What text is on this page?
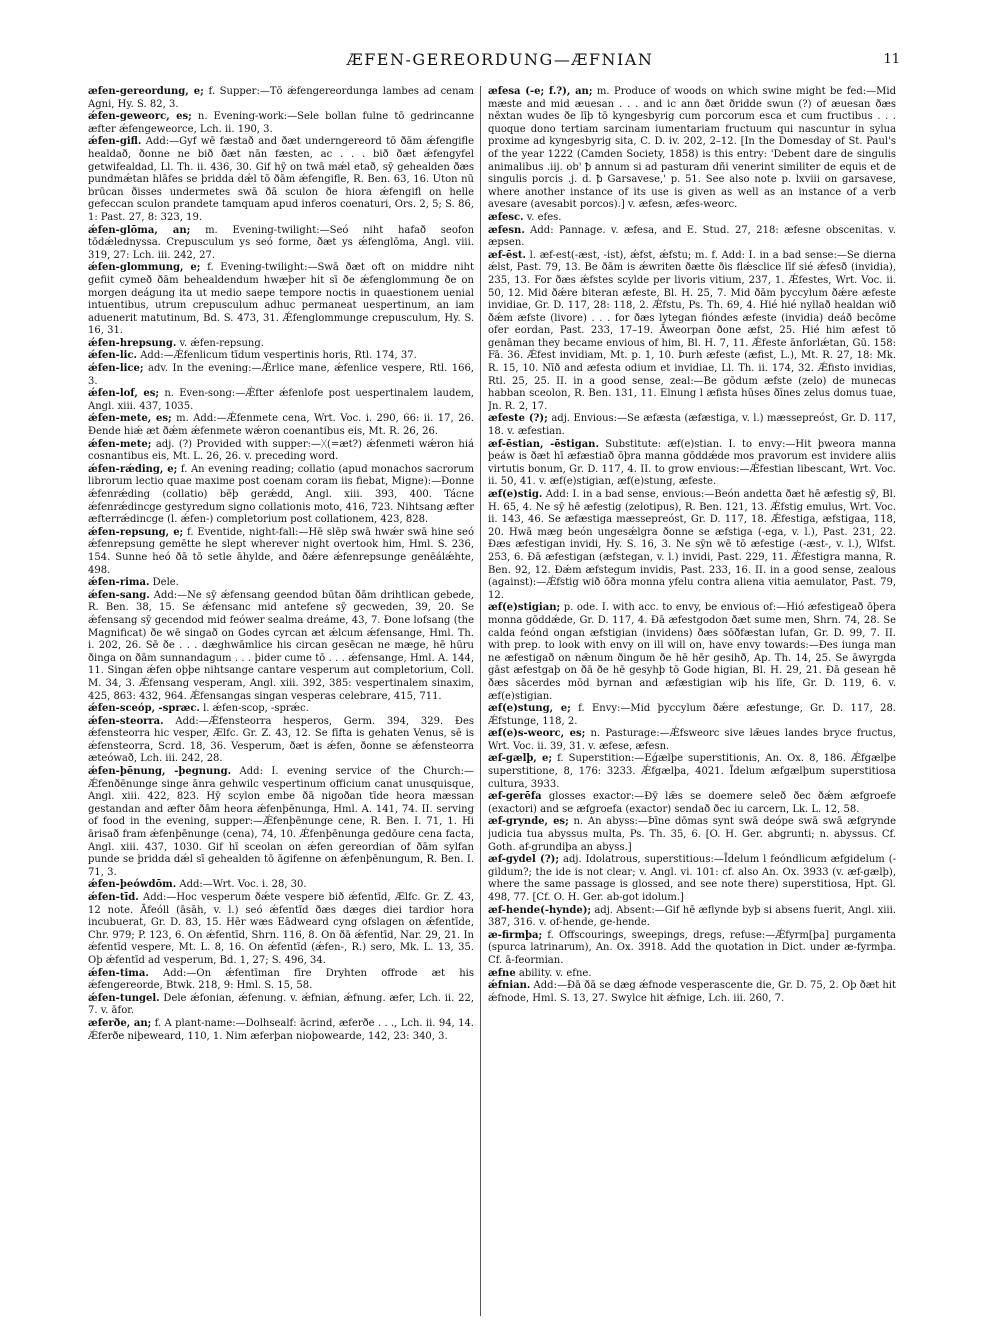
ÆFEN-GEREORDUNG—ÆFNIAN	11
æfen-gereordung, e; f. Supper:—Tō ǽfengereordunga lambes ad cenam Agni, Hy. S. 82, 3.
ǽfen-geweorc, es; n. Evening-work:—Sele bollan fulne tō gedrincanne æfter ǽfengeweorce, Lch. ii. 190, 3.
ǽfen-gifl. Add:—Gyf wē fæstað and ðæt underngereord tō ðām ǽfengifle healdað, ðonne ne bið ðæt nān fæsten, ac . . . bið ðæt ǽfengyfel getwifealdad, Ll. Th. ii. 436, 30. Gif hȳ on twā mǽl etað, sȳ gehealden ðæs pundmǽtan hlāfes se þridda dǽl tō ðām ǽfengifle, R. Ben. 63, 16. Uton nū brūcan ðisses undermetes swā ðā sculon ðe hiora ǽfengifl on helle gefeccan sculon prandete tamquam apud inferos coenaturi, Ors. 2, 5; S. 86, 1: Past. 27, 8: 323, 19.
ǽfen-glōma, an; m. Evening-twilight:—Seó niht hafað seofon tōdǽlednyssa. Crepusculum ys seó forme, ðæt ys ǽfenglōma, Angl. viii. 319, 27: Lch. iii. 242, 27.
ǽfen-glommung, e; f. Evening-twilight:—Swā ðæt oft on middre niht gefiit cymeð ðām behealdendum hwæþer hit sī ðe ǽfenglommung ðe on morgen deágung ita ut medio saepe tempore noctis in quaestionem uenial intuentibus, utrum crepusculum adhuc permaneat uespertinum, an iam aduenerit matutinum, Bd. S. 473, 31. Ǽfenglommunge crepusculum, Hy. S. 16, 31.
ǽfen-hrepsung. v. ǽfen-repsung.
ǽfen-lic. Add:—Ǽfenlicum tīdum vespertinis horis, Rtl. 174, 37.
ǽfen-lice; adv. In the evening:—Ǽrlice mane, ǽfenlice vespere, Rtl. 166, 3.
ǽfen-lof, es; n. Even-song:—Ǽfter ǽfenlofe post uespertinalem laudem, Angl. xiii. 437, 1035.
ǽfen-mete, es; m. Add:—Ǽfenmete cena, Wrt. Voc. i. 290, 66: ii. 17, 26. Ðende hiǽ æt ðǽm ǽfenmete wǽron coenantibus eis, Mt. R. 26, 26.
ǽfen-mete; adj. (?) Provided with supper:—ᚷ(=æt?) ǽfenmeti wǽron hiá cosnantibus eis, Mt. L. 26, 26. v. preceding word.
ǽfen-rǽding, e; f. An evening reading; collatio (apud monachos sacrorum librorum lectio quae maxime post coenam coram iis fiebat, Migne):—Ðonne ǽfenrǽding (collatio) bēþ gerǽdd, Angl. xiii. 393, 400. Tácne ǽfenrǽdincge gestyredum signo collationis moto, 416, 723. Nihtsang æfter æfterrǽdincge (l. ǽfen-) completorium post collationem, 423, 828.
ǽfen-repsung, e; f. Eventide, night-fall:—Hē slēp swā hwǽr swā hine seó ǽfenrepsung gemētte he slept wherever night overtook him, Hml. S. 236, 154. Sunne heó ðā tō setle āhylde, and ðǽre ǽfenrepsunge genēálǽhte, 498.
ǽfen-rima. Dele.
ǽfen-sang. Add:—Ne sȳ ǽfensang geendod būtan ðām drihtlican gebede, R. Ben. 38, 15. Se ǽfensanc mid antefene sȳ gecweden, 39, 20. Se ǽfensang sȳ gecendod mid feówer sealma dreáme, 43, 7. Ðone lofsang (the Magnificat) ðe wē singað on Godes cyrcan æt ǽlcum ǽfensange, Hml. Th. i. 202, 26. Sē ðe . . . dæghwāmlice his circan gesēcan ne mæge, hē hūru ðinga on ðām sunnandagum . . . þider cume tō . . . ǽfensange, Hml. A. 144, 11. Singan ǽfen oþþe nihtsange cantare vesperum aut completorium, Coll. M. 34, 3. Ǽfensang vesperam, Angl. xiii. 392, 385: vespertinalem sinaxim, 425, 863: 432, 964. Ǽfensangas singan vesperas celebrare, 415, 711.
ǽfen-sceóp, -spræc. l. ǽfen-scop, -sprǽc.
ǽfen-steorra. Add:—Ǽfensteorra hesperos, Germ. 394, 329. Ðes ǽfensteorra hic vesper, Ælfc. Gr. Z. 43, 12. Se fīfta is gehaten Venus, sē is ǽfensteorra, Scrd. 18, 36. Vesperum, ðæt is ǽfen, ðonne se ǽfensteorra æteówað, Lch. iii. 242, 28.
ǽfen-þēnung, -þegnung. Add: I. evening service of the Church:—Ǽfenðēnunge singe ānra gehwilc vespertinum officium canat unusquisque, Angl. xiii. 422, 823. Hȳ scylon embe ðā nigoðan tīde heora mæssan gestandan and æfter ðām heora ǽfenþēnunga, Hml. A. 141, 74. II. serving of food in the evening, supper:—Ǽfenþēnunge cene, R. Ben. I. 71, 1. Hi ārisað fram ǽfenþēnunge (cena), 74, 10. Ǽfenþēnunga gedōure cena facta, Angl. xiii. 437, 1030. Gif hī sceolan on ǽfen gereordian of ðām sylfan punde se þridda dǽl sī gehealden tō āgifenne on ǽfenþēnungum, R. Ben. I. 71, 3.
ǽfen-þeówdōm. Add:—Wrt. Voc. i. 28, 30.
ǽfen-tīd. Add:—Hoc vesperum ðǽte vespere bið ǽfentīd, Ælfc. Gr. Z. 43, 12 note. Āfeóll (āsāh, v. l.) seó ǽfentīd ðæs dæges diei tardior hora incubuerat, Gr. D. 83, 15. Hēr wæs Eādweard cyng ofslagen on ǽfentīde, Chr. 979; P. 123, 6. On ǽfentīd, Shrn. 116, 8. On ðā ǽfentīd, Nar. 29, 21. In ǽfentīd vespere, Mt. L. 8, 16. On ǽfentīd (ǽfen-, R.) sero, Mk. L. 13, 35. Oþ ǽfentīd ad vesperum, Bd. 1, 27; S. 496, 34.
ǽfen-tima. Add:—On ǽfentīman fīre Dryhten offrode æt his ǽfengereorde, Btwk. 218, 9: Hml. S. 15, 58.
ǽfen-tungel. Dele ǽfonian, ǽfenung. v. ǽfnian, ǽfnung. æfer, Lch. ii. 22, 7. v. āfor.
æferðe, an; f. A plant-name:—Dolhsealf: ācrind, æferðe . . ., Lch. ii. 94, 14. Ǽferðe niþeweard, 110, 1. Nim æferþan nioþowearde, 142, 23: 340, 3.
æfesa (-e; f.?), an; m. Produce of woods on which swine might be fed:—Mid mæste and mid æuesan . . . and ic ann ðæt ðridde swun (?) of æuesan ðæs nēxtan wudes ðe līþ tō kyngesbyrig cum porcorum esca et cum fructibus . . . quoque dono tertiam sarcinam iumentariam fructuum qui nascuntur in sylua proxime ad kyngesbyrig sita, C. D. iv. 202, 2–12. [In the Domesday of St. Paul's of the year 1222 (Camden Society, 1858) is this entry: 'Debent dare de singulis animalibus .iij. ob' ꝥ annum si ad pasturam dñi venerint similiter de equis et de singulis porcis .j. d. ꝥ Garsavese,' p. 51. See also note p. lxviii on garsavese, where another instance of its use is given as well as an instance of a verb avesare (avesabit porcos).] v. æfesn, æfes-weorc.
æfesc. v. efes.
æfesn. Add: Pannage. v. æfesa, and E. Stud. 27, 218: æfesne obscenitas. v. æpsen.
æf-ēst. l. æf-est(-æst, -ist), ǽfst, ǽfstu; m. f. Add: I. in a bad sense:—Se dierna ǽlst, Past. 79, 13. Be ðām is ǽwriten ðætte ðis flǽsclice līf sié ǽfesð (invidia), 235, 13. For ðæs ǽfstes scylde per livoris vitium, 237, 1. Ǽfestes, Wrt. Voc. ii. 50, 12. Mid ðǽre biteran æfeste, Bl. H. 25, 7. Mid ðām þyccylum ðǽre æfeste invidiae, Gr. D. 117, 28: 118, 2. Ǽfstu, Ps. Th. 69, 4. Hié hié nyllað healdan wið ðǽm æfste (livore) . . . for ðæs lytegan fióndes æfeste (invidia) deáð becōme ofer eordan, Past. 233, 17–19. Āweorpan ðone æfst, 25. Hié him æfest tō genāman they became envious of him, Bl. H. 7, 11. Ǽfeste ānforlǽtan, Gū. 158: Fā. 36. Ǽfest invidiam, Mt. p. 1, 10. Þurh æfeste (æfist, L.), Mt. R. 27, 18: Mk. R. 15, 10. Nīð and æfesta odium et invidiae, Ll. Th. ii. 174, 32. Ǽfisto invidias, Rtl. 25, 25. II. in a good sense, zeal:—Be gōdum æfste (zelo) de munecas habban sceolon, R. Ben. 131, 11. Elnung l æfista hūses ðīnes zelus domus tuae, Jn. R. 2, 17.
æfeste (?); adj. Envious:—Se æfæsta (æfæstiga, v. l.) mæssepreóst, Gr. D. 117, 18. v. æfestian.
æf-ēstian, -ēstigan. Substitute: æf(e)stian. I. to envy:—Hit þweora manna þeáw is ðæt hī æfæstiað ōþra manna gōddǽde mos pravorum est invidere aliis virtutis bonum, Gr. D. 117, 4. II. to grow envious:—Ǽfestian libescant, Wrt. Voc. ii. 50, 41. v. æf(e)stigian, æf(e)stung, æfeste.
æf(e)stig. Add: I. in a bad sense, envious:—Beón andetta ðæt hē æfestig sȳ, Bl. H. 65, 4. Ne sȳ hē æfestig (zelotipus), R. Ben. 121, 13. Ǽfstig emulus, Wrt. Voc. ii. 143, 46. Se æfæstiga mæssepreóst, Gr. D. 117, 18. Ǽfestiga, æfstigaa, 118, 20. Hwā mæg beón ungesǽlgra ðonne se æfstiga (-ega, v. l.), Past. 231, 22. Ðæs æfestigan invidi, Hy. S. 16, 3. Ne sȳn wē tō æfestige (-æst-, v. l.), Wlfst. 253, 6. Ðā æfestigan (æfstegan, v. l.) invidi, Past. 229, 11. Ǽfestigra manna, R. Ben. 92, 12. Ðǽm æfstegum invidis, Past. 233, 16. II. in a good sense, zealous (against):—Ǽfstig wið ōðra monna yfelu contra aliena vitia aemulator, Past. 79, 12.
æf(e)stigian; p. ode. I. with acc. to envy, be envious of:—Hió æfestigeað ōþera monna gōddǽde, Gr. D. 117, 4. Ðā æfestgodon ðæt sume men, Shrn. 74, 28. Se calda feónd ongan æfstigian (invidens) ðæs sōðfæstan lufan, Gr. D. 99, 7. II. with prep. to look with envy on ill will on, have envy towards:—Ðes iunga man ne æfestigað on nǣnum ðingum ðe hē hēr gesihð, Ap. Th. 14, 25. Se āwyrgda gāst æfestgaþ on ðā ðe hē gesyhþ tō Gode higian, Bl. H. 29, 21. Ðā gesean hē ðæs sācerdes mōd byrnan and æfæstigian wiþ his līfe, Gr. D. 119, 6. v. æf(e)stigian.
æf(e)stung, e; f. Envy:—Mid þyccylum ðǽre æfestunge, Gr. D. 117, 28. Ǽfstunge, 118, 2.
æf(e)s-weorc, es; n. Pasturage:—Ǽfsweorc sive lǣues landes bryce fructus, Wrt. Voc. ii. 39, 31. v. æfese, æfesn.
æf-gælþ, e; f. Superstition:—Eǵælþe superstitionis, An. Ox. 8, 186. Ǽfgælþe superstitione, 8, 176: 3233. Ǽfgælþa, 4021. Īdelum æfgælþum superstitiosa cultura, 3933.
æf-gerēfa glosses exactor:—Ðȳ lǣs se doemere seleð ðec ðǽm æfgroefe (exactori) and se æfgroefa (exactor) sendað ðec iu carcern, Lk. L. 12, 58.
æf-grynde, es; n. An abyss:—Þīne dōmas synt swā deópe swā swā æfgrynde judicia tua abyssus multa, Ps. Th. 35, 6. [O. H. Ger. abgrunti; n. abyssus. Cf. Goth. af-grundiþa an abyss.]
æf-gydel (?); adj. Idolatrous, superstitious:—Īdelum l feóndlicum æfgidelum (-gildum?; the ide is not clear; v. Angl. vi. 101: cf. also An. Ox. 3933 (v. æf-gælþ), where the same passage is glossed, and see note there) superstitiosa, Hpt. Gl. 498, 77. [Cf. O. H. Ger. ab-got idolum.]
æf-hende(-hynde); adj. Absent:—Gif hē æflynde byþ si absens fuerit, Angl. xiii. 387, 316. v. of-hende, ge-hende.
æ-firmþa; f. Offscourings, sweepings, dregs, refuse:—Ǽfyrm[þa] purgamenta (spurca latrinarum), An. Ox. 3918. Add the quotation in Dict. under æ-fyrmþa. Cf. ā-feormian.
æfne ability. v. efne.
ǽfnian. Add:—Ðā ðā se dæg ǽfnode vesperascente die, Gr. D. 75, 2. Oþ ðæt hit ǽfnode, Hml. S. 13, 27. Swylce hit ǽfnige, Lch. iii. 260, 7.
